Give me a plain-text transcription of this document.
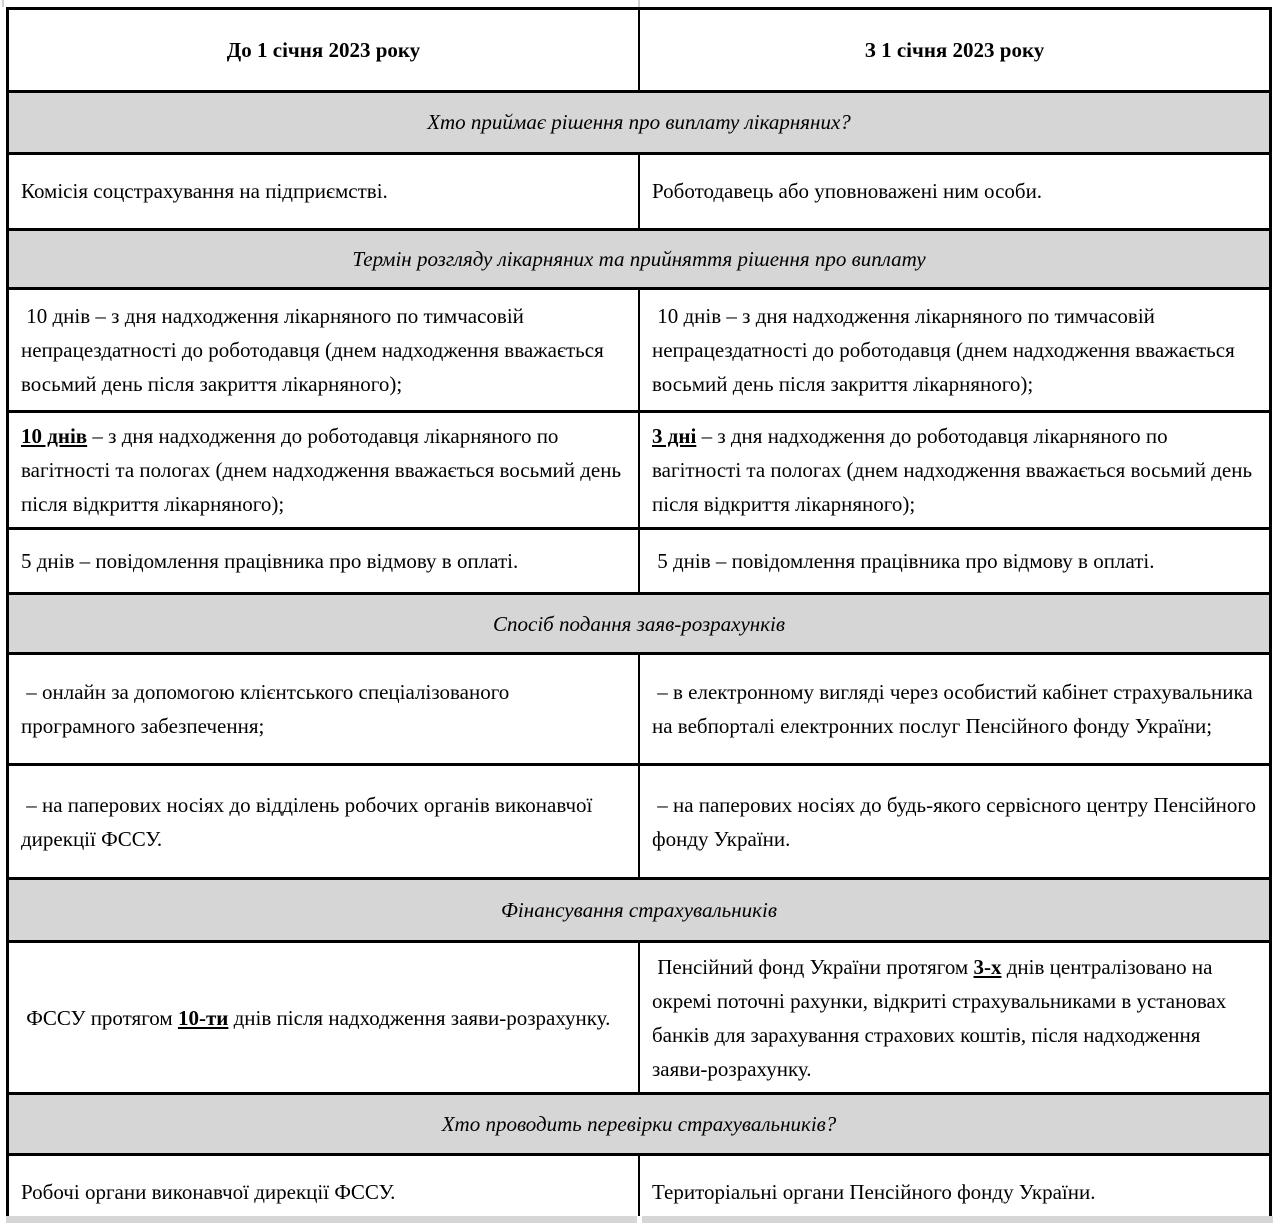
До 1 січня 2023 року	З 1 січня 2023 року
Хто приймає рішення про виплату лікарняних?	
Комісія соцстрахування на підприємстві.	Роботодавець або уповноважені ним особи.
Термін розгляду лікарняних та прийняття рішення про виплату	
10 днів – з дня надходження лікарняного по тимчасовій непрацездатності до роботодавця (днем надходження вважається восьмий день після закриття лікарняного);	10 днів – з дня надходження лікарняного по тимчасовій непрацездатності до роботодавця (днем надходження вважається восьмий день після закриття лікарняного);
10 днів – з дня надходження до роботодавця лікарняного по вагітності та пологах (днем надходження вважається восьмий день після відкриття лікарняного);	3 дні – з дня надходження до роботодавця лікарняного по вагітності та пологах (днем надходження вважається восьмий день після відкриття лікарняного);
5 днів – повідомлення працівника про відмову в оплаті.	5 днів – повідомлення працівника про відмову в оплаті.
Спосіб подання заяв-розрахунків	
– онлайн за допомогою клієнтського спеціалізованого програмного забезпечення;	– в електронному вигляді через особистий кабінет страхувальника на вебпорталі електронних послуг Пенсійного фонду України;
– на паперових носіях до відділень робочих органів виконавчої дирекції ФССУ.	– на паперових носіях до будь-якого сервісного центру Пенсійного фонду України.
Фінансування страхувальників	
ФССУ протягом 10-ти днів після надходження заяви-розрахунку.	Пенсійний фонд України протягом 3-х днів централізовано на окремі поточні рахунки, відкриті страхувальниками в установах банків для зарахування страхових коштів, після надходження заяви-розрахунку.
Хто проводить перевірки страхувальників?	
Робочі органи виконавчої дирекції ФССУ.	Територіальні органи Пенсійного фонду України.
